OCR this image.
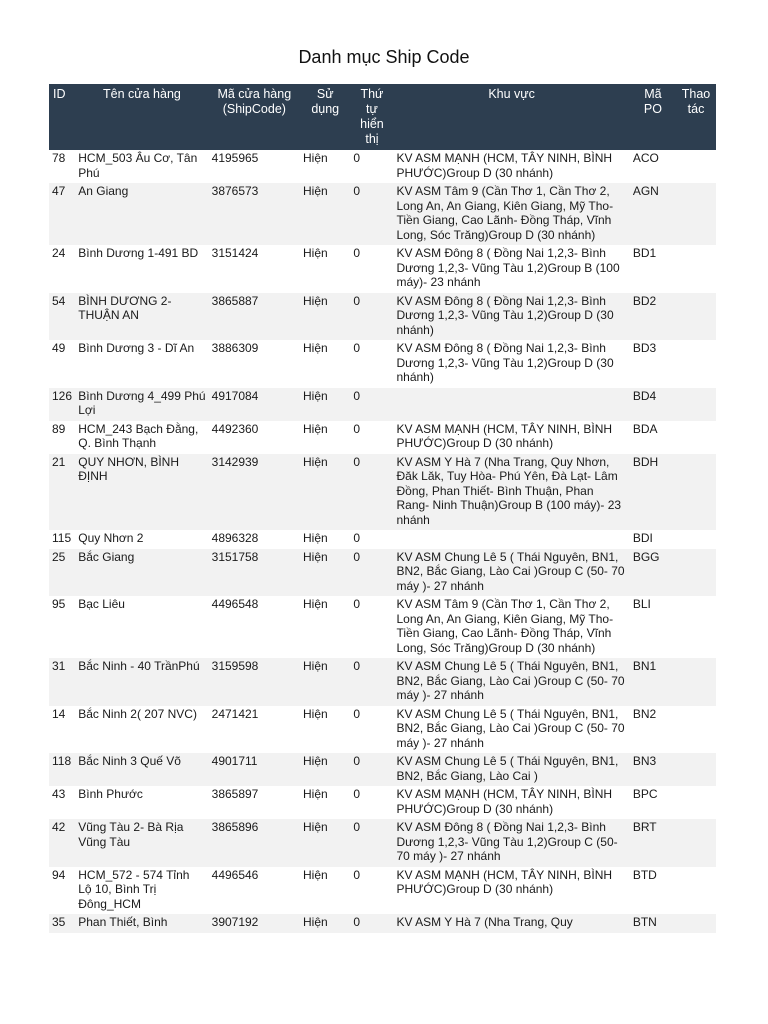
Danh mục Ship Code
ID	Tên cửa hàng	Mã cửa hàng (ShipCode)	Sử dụng	Thứ tự hiển thị	Khu vực	Mã PO	Thao tác
78	HCM_503 Âu Cơ, Tân Phú	4195965	Hiện	0	KV ASM MẠNH (HCM, TÂY NINH, BÌNH PHƯỚC)Group D (30 nhánh)	ACO	
47	An Giang	3876573	Hiện	0	KV ASM Tâm 9 (Cần Thơ 1, Cần Thơ 2, Long An, An Giang, Kiên Giang, Mỹ Tho- Tiền Giang, Cao Lãnh- Đồng Tháp, Vĩnh Long, Sóc Trăng)Group D (30 nhánh)	AGN	
24	Bình Dương 1-491 BD	3151424	Hiện	0	KV ASM Đông 8 ( Đồng Nai 1,2,3- Bình Dương 1,2,3- Vũng Tàu 1,2)Group B (100 máy)- 23 nhánh	BD1	
54	BÌNH DƯƠNG 2-THUẬN AN	3865887	Hiện	0	KV ASM Đông 8 ( Đồng Nai 1,2,3- Bình Dương 1,2,3- Vũng Tàu 1,2)Group D (30 nhánh)	BD2	
49	Bình Dương 3 - Dĩ An	3886309	Hiện	0	KV ASM Đông 8 ( Đồng Nai 1,2,3- Bình Dương 1,2,3- Vũng Tàu 1,2)Group D (30 nhánh)	BD3	
126	Bình Dương 4_499 Phú Lợi	4917084	Hiện	0		BD4	
89	HCM_243 Bạch Đằng, Q. Bình Thạnh	4492360	Hiện	0	KV ASM MẠNH (HCM, TÂY NINH, BÌNH PHƯỚC)Group D (30 nhánh)	BDA	
21	QUY NHƠN, BÌNH ĐỊNH	3142939	Hiện	0	KV ASM Y Hà 7 (Nha Trang, Quy Nhơn, Đăk Lăk, Tuy Hòa- Phú Yên, Đà Lạt- Lâm Đồng, Phan Thiết- Bình Thuận, Phan Rang- Ninh Thuận)Group B (100 máy)- 23 nhánh	BDH	
115	Quy Nhơn 2	4896328	Hiện	0		BDI	
25	Bắc Giang	3151758	Hiện	0	KV ASM Chung Lê 5 ( Thái Nguyên, BN1, BN2, Bắc Giang, Lào Cai )Group C (50- 70 máy )- 27 nhánh	BGG	
95	Bạc Liêu	4496548	Hiện	0	KV ASM Tâm 9 (Cần Thơ 1, Cần Thơ 2, Long An, An Giang, Kiên Giang, Mỹ Tho- Tiền Giang, Cao Lãnh- Đồng Tháp, Vĩnh Long, Sóc Trăng)Group D (30 nhánh)	BLI	
31	Bắc Ninh - 40 TrầnPhú	3159598	Hiện	0	KV ASM Chung Lê 5 ( Thái Nguyên, BN1, BN2, Bắc Giang, Lào Cai )Group C (50- 70 máy )- 27 nhánh	BN1	
14	Bắc Ninh 2( 207 NVC)	2471421	Hiện	0	KV ASM Chung Lê 5 ( Thái Nguyên, BN1, BN2, Bắc Giang, Lào Cai )Group C (50- 70 máy )- 27 nhánh	BN2	
118	Bắc Ninh 3 Quế Võ	4901711	Hiện	0	KV ASM Chung Lê 5 ( Thái Nguyên, BN1, BN2, Bắc Giang, Lào Cai )	BN3	
43	Bình Phước	3865897	Hiện	0	KV ASM MẠNH (HCM, TÂY NINH, BÌNH PHƯỚC)Group D (30 nhánh)	BPC	
42	Vũng Tàu 2- Bà Rịa Vũng Tàu	3865896	Hiện	0	KV ASM Đông 8 ( Đồng Nai 1,2,3- Bình Dương 1,2,3- Vũng Tàu 1,2)Group C (50- 70 máy )- 27 nhánh	BRT	
94	HCM_572 - 574 Tỉnh Lộ 10, Bình Trị Đông_HCM	4496546	Hiện	0	KV ASM MẠNH (HCM, TÂY NINH, BÌNH PHƯỚC)Group D (30 nhánh)	BTD	
35	Phan Thiết, Bình	3907192	Hiện	0	KV ASM Y Hà 7 (Nha Trang, Quy	BTN	
